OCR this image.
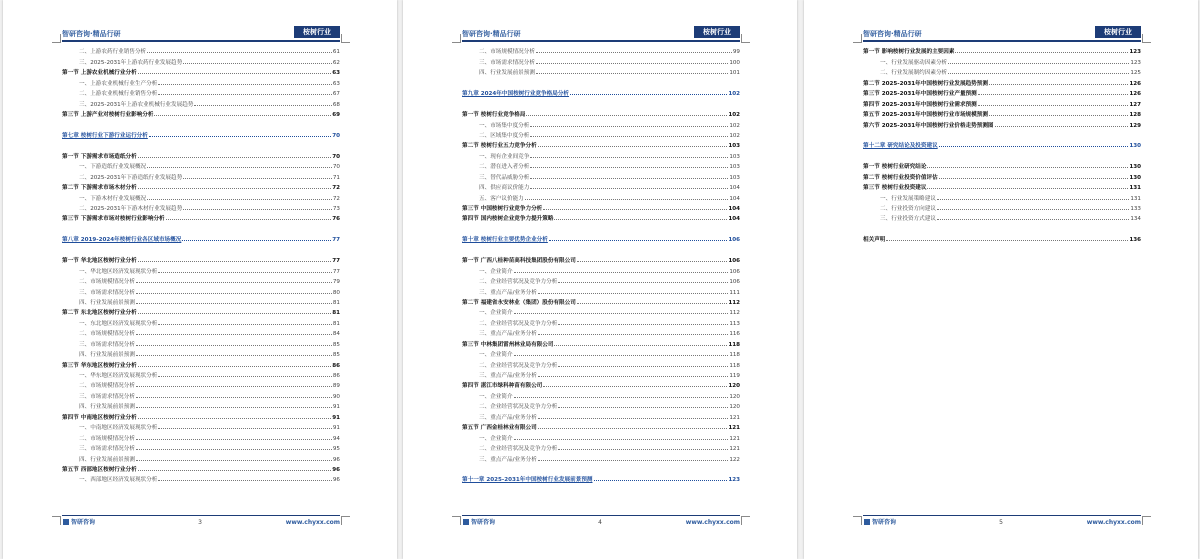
智研咨询·精品行研	桉树行业
二、上游农药行业销售分析	61
三、2025-2031年上游农药行业发展趋势	62
第一节 上游农业机械行业分析	63
一、上游农业机械行业生产分析	63
二、上游农业机械行业销售分析	67
三、2025-2031年上游农业机械行业发展趋势	68
第三节 上游产业对桉树行业影响分析	69
第七章 桉树行业下游行业运行分析	70
第一节 下游需求市场造纸分析	70
一、下游造纸行业发展概况	70
二、2025-2031年下游造纸行业发展趋势	71
第二节 下游需求市场木材分析	72
一、下游木材行业发展概况	72
二、2025-2031年下游木材行业发展趋势	73
第三节 下游需求市场对桉树行业影响分析	76
第八章 2019-2024年桉树行业各区域市场概况	77
第一节 华北地区桉树行业分析	77
一、华北地区经济发展现状分析	77
二、市场规模情况分析	79
三、市场需求情况分析	80
四、行业发展前景预测	81
第二节 东北地区桉树行业分析	81
一、东北地区经济发展现状分析	81
二、市场规模情况分析	84
三、市场需求情况分析	85
四、行业发展前景预测	85
第三节 华东地区桉树行业分析	86
一、华东地区经济发展现状分析	86
二、市场规模情况分析	89
三、市场需求情况分析	90
四、行业发展前景预测	91
第四节 中南地区桉树行业分析	91
一、中南地区经济发展现状分析	91
二、市场规模情况分析	94
三、市场需求情况分析	95
四、行业发展前景预测	96
第五节 西部地区桉树行业分析	96
一、西部地区经济发展现状分析	96
智研咨询	3	www.chyxx.com
智研咨询·精品行研	桉树行业
二、市场规模情况分析	99
三、市场需求情况分析	100
四、行业发展前景预测	101
第九章 2024年中国桉树行业竞争格局分析	102
第一节 桉树行业竞争格局	102
一、市场集中度分析	102
二、区域集中度分析	102
第二节 桉树行业五力竞争分析	103
一、现有企业间竞争	103
二、潜在进入者分析	103
三、替代品威胁分析	103
四、供应商议价能力	104
五、客户议价能力	104
第三节 中国桉树行业竞争力分析	104
第四节 国内桉树企业竞争力提升策略	104
第十章 桉树行业主要优势企业分析	106
第一节 广西八桂种苗高科技集团股份有限公司	106
一、企业简介	106
二、企业经营状况及竞争力分析	106
三、重点产品/业务分析	111
第二节 福建省永安林业（集团）股份有限公司	112
一、企业简介	112
二、企业经营状况及竞争力分析	113
三、重点产品/业务分析	116
第三节 中林集团雷州林业局有限公司	118
一、企业简介	118
二、企业经营状况及竞争力分析	118
三、重点产品/业务分析	119
第四节 湛江市绿科种苗有限公司	120
一、企业简介	120
二、企业经营状况及竞争力分析	120
三、重点产品/业务分析	121
第五节 广西金桂林业有限公司	121
一、企业简介	121
二、企业经营状况及竞争力分析	121
三、重点产品/业务分析	122
第十一章 2025-2031年中国桉树行业发展前景预测	123
智研咨询	4	www.chyxx.com
智研咨询·精品行研	桉树行业
第一节 影响桉树行业发展的主要因素	123
一、行业发展驱动因素分析	123
二、行业发展制约因素分析	125
第二节 2025-2031年中国桉树行业发展趋势预测	126
第三节 2025-2031年中国桉树行业产量预测	126
第四节 2025-2031年中国桉树行业需求预测	127
第五节 2025-2031年中国桉树行业市场规模预测	128
第六节 2025-2031年中国桉树行业价格走势预测图	129
第十二章 研究结论及投资建议	130
第一节 桉树行业研究结论	130
第二节 桉树行业投资价值评估	130
第三节 桉树行业投资建议	131
一、行业发展策略建议	131
二、行业投资方向建议	133
三、行业投资方式建议	134
相关声明	136
智研咨询	5	www.chyxx.com
